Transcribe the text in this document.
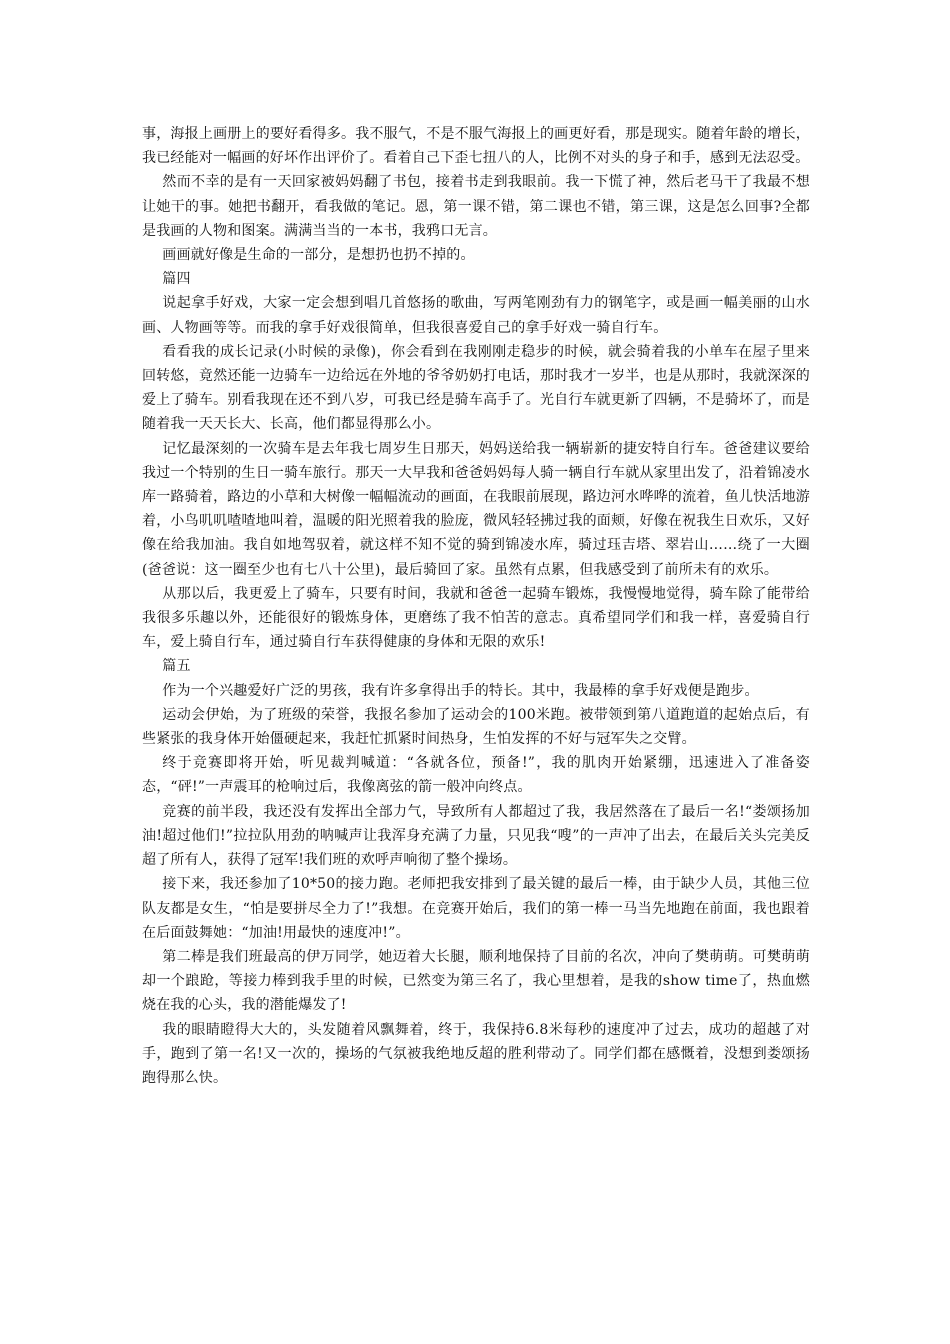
事，海报上画册上的要好看得多。我不服气，不是不服气海报上的画更好看，那是现实。随着年龄的增长，我已经能对一幅画的好坏作出评价了。看着自己下歪七扭八的人，比例不对头的身子和手，感到无法忍受。

然而不幸的是有一天回家被妈妈翻了书包，接着书走到我眼前。我一下慌了神，然后老马干了我最不想让她干的事。她把书翻开，看我做的笔记。恩，第一课不错，第二课也不错，第三课，这是怎么回事?全都是我画的人物和图案。满满当当的一本书，我鸦口无言。

画画就好像是生命的一部分，是想扔也扔不掉的。

篇四

说起拿手好戏，大家一定会想到唱几首悠扬的歌曲，写两笔刚劲有力的钢笔字，或是画一幅美丽的山水画、人物画等等。而我的拿手好戏很简单，但我很喜爱自己的拿手好戏一骑自行车。

看看我的成长记录(小时候的录像)，你会看到在我刚刚走稳步的时候，就会骑着我的小单车在屋子里来回转悠，竟然还能一边骑车一边给远在外地的爷爷奶奶打电话，那时我才一岁半，也是从那时，我就深深的爱上了骑车。别看我现在还不到八岁，可我已经是骑车高手了。光自行车就更新了四辆，不是骑坏了，而是随着我一天天长大、长高，他们都显得那么小。

记忆最深刻的一次骑车是去年我七周岁生日那天，妈妈送给我一辆崭新的捷安特自行车。爸爸建议要给我过一个特别的生日一骑车旅行。那天一大早我和爸爸妈妈每人骑一辆自行车就从家里出发了，沿着锦凌水库一路骑着，路边的小草和大树像一幅幅流动的画面，在我眼前展现，路边河水哗哗的流着，鱼儿快活地游着，小鸟叽叽喳喳地叫着，温暖的阳光照着我的脸庞，微风轻轻拂过我的面颊，好像在祝我生日欢乐，又好像在给我加油。我自如地驾驭着，就这样不知不觉的骑到锦凌水库，骑过珏吉塔、翠岩山……绕了一大圈(爸爸说：这一圈至少也有七八十公里)，最后骑回了家。虽然有点累，但我感受到了前所未有的欢乐。

从那以后，我更爱上了骑车，只要有时间，我就和爸爸一起骑车锻炼，我慢慢地觉得，骑车除了能带给我很多乐趣以外，还能很好的锻炼身体，更磨练了我不怕苦的意志。真希望同学们和我一样，喜爱骑自行车，爱上骑自行车，通过骑自行车获得健康的身体和无限的欢乐!

篇五

作为一个兴趣爱好广泛的男孩，我有许多拿得出手的特长。其中，我最棒的拿手好戏便是跑步。

运动会伊始，为了班级的荣誉，我报名参加了运动会的100米跑。被带领到第八道跑道的起始点后，有些紧张的我身体开始僵硬起来，我赶忙抓紧时间热身，生怕发挥的不好与冠军失之交臂。

终于竞赛即将开始，听见裁判喊道：“各就各位，预备!”，我的肌肉开始紧绷，迅速进入了准备姿态，“砰!”一声震耳的枪响过后，我像离弦的箭一般冲向终点。

竞赛的前半段，我还没有发挥出全部力气，导致所有人都超过了我，我居然落在了最后一名!“娄颂扬加油!超过他们!”拉拉队用劲的呐喊声让我浑身充满了力量，只见我“嗖”的一声冲了出去，在最后关头完美反超了所有人，获得了冠军!我们班的欢呼声响彻了整个操场。

接下来，我还参加了10*50的接力跑。老师把我安排到了最关键的最后一棒，由于缺少人员，其他三位队友都是女生，“怕是要拼尽全力了!”我想。在竞赛开始后，我们的第一棒一马当先地跑在前面，我也跟着在后面鼓舞她：“加油!用最快的速度冲!”。

第二棒是我们班最高的伊万同学，她迈着大长腿，顺利地保持了目前的名次，冲向了樊萌萌。可樊萌萌却一个踉跄，等接力棒到我手里的时候，已然变为第三名了，我心里想着，是我的show time了，热血燃烧在我的心头，我的潜能爆发了!

我的眼睛瞪得大大的，头发随着风飘舞着，终于，我保持6.8米每秒的速度冲了过去，成功的超越了对手，跑到了第一名!又一次的，操场的气氛被我绝地反超的胜利带动了。同学们都在感慨着，没想到娄颂扬跑得那么快。
